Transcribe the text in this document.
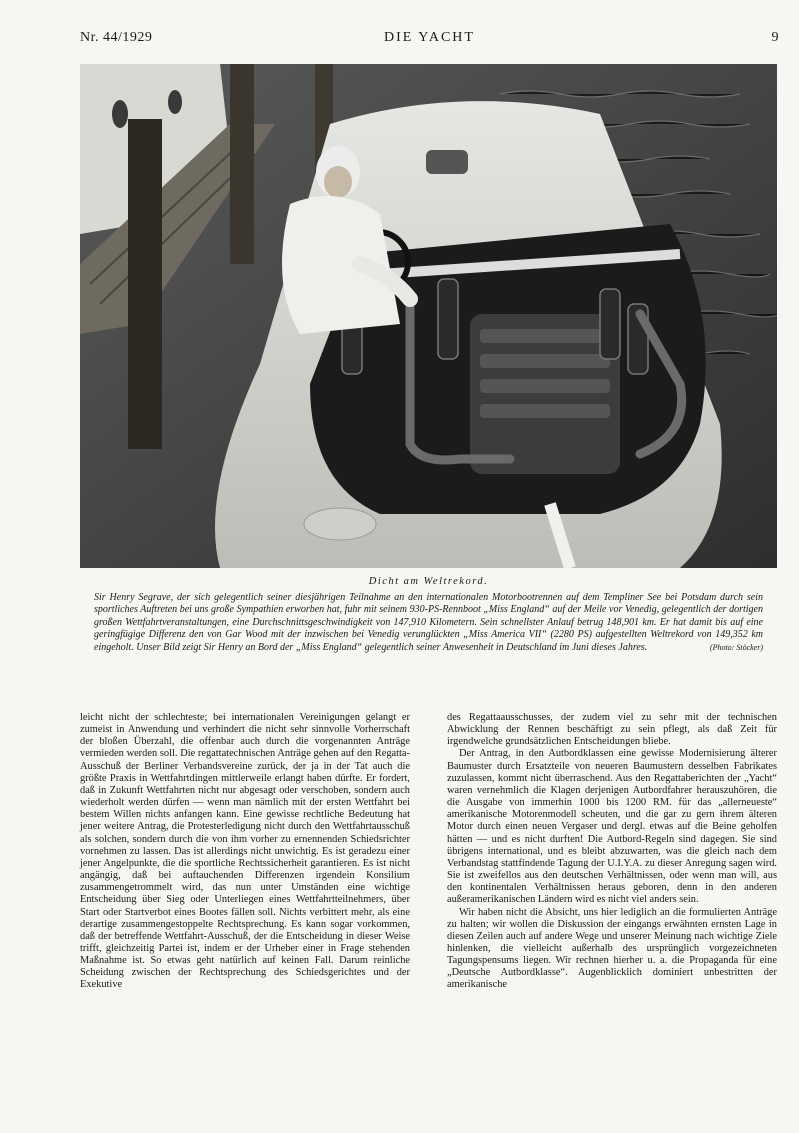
Nr. 44/1929	DIE YACHT	9
Dicht am Weltrekord.
Sir Henry Segrave, der sich gelegentlich seiner diesjährigen Teilnahme an den internationalen Motorbootrennen auf dem Templiner See bei Potsdam durch sein sportliches Auftreten bei uns große Sympathien erworben hat, fuhr mit seinem 930-PS-Rennboot „Miss England“ auf der Meile vor Venedig, gelegentlich der dortigen großen Wettfahrtveranstaltungen, eine Durchschnittsgeschwindigkeit von 147,910 Kilometern. Sein schnellster Anlauf betrug 148,901 km. Er hat damit bis auf eine geringfügige Differenz den von Gar Wood mit der inzwischen bei Venedig verunglückten „Miss America VII“ (2280 PS) aufgestellten Weltrekord von 149,352 km eingeholt. Unser Bild zeigt Sir Henry an Bord der „Miss England“ gelegentlich seiner Anwesenheit in Deutschland im Juni dieses Jahres.	(Photo: Stöcker)

leicht nicht der schlechteste; bei internationalen Vereinigungen gelangt er zumeist in Anwendung und verhindert die nicht sehr sinnvolle Vorherrschaft der bloßen Überzahl, die offenbar auch durch die vorgenannten Anträge vermieden werden soll. Die regattatechnischen Anträge gehen auf den Regatta-Ausschuß der Berliner Verbandsvereine zurück, der ja in der Tat auch die größte Praxis in Wettfahrtdingen mittlerweile erlangt haben dürfte. Er fordert, daß in Zukunft Wettfahrten nicht nur abgesagt oder verschoben, sondern auch wiederholt werden dürfen — wenn man nämlich mit der ersten Wettfahrt bei bestem Willen nichts anfangen kann. Eine gewisse rechtliche Bedeutung hat jener weitere Antrag, die Protesterledigung nicht durch den Wettfahrtausschuß als solchen, sondern durch die von ihm vorher zu ernennenden Schiedsrichter vornehmen zu lassen. Das ist allerdings nicht unwichtig. Es ist geradezu einer jener Angelpunkte, die die sportliche Rechtssicherheit garantieren. Es ist nicht angängig, daß bei auftauchenden Differenzen irgendein Konsilium zusammengetrommelt wird, das nun unter Umständen eine wichtige Entscheidung über Sieg oder Unterliegen eines Wettfahrtteilnehmers, über Start oder Startverbot eines Bootes fällen soll. Nichts verbittert mehr, als eine derartige zusammengestoppelte Rechtsprechung. Es kann sogar vorkommen, daß der betreffende Wettfahrt-Ausschuß, der die Entscheidung in dieser Weise trifft, gleichzeitig Partei ist, indem er der Urheber einer in Frage stehenden Maßnahme ist. So etwas geht natürlich auf keinen Fall. Darum reinliche Scheidung zwischen der Rechtsprechung des Schiedsgerichtes und der Exekutive

des Regattaausschusses, der zudem viel zu sehr mit der technischen Abwicklung der Rennen beschäftigt zu sein pflegt, als daß Zeit für irgendwelche grundsätzlichen Entscheidungen bliebe.

Der Antrag, in den Autbordklassen eine gewisse Modernisierung älterer Baumuster durch Ersatzteile von neueren Baumustern desselben Fabrikates zuzulassen, kommt nicht überraschend. Aus den Regattaberichten der „Yacht“ waren vernehmlich die Klagen derjenigen Autbordfahrer herauszuhören, die die Ausgabe von immerhin 1000 bis 1200 RM. für das „allerneueste“ amerikanische Motorenmodell scheuten, und die gar zu gern ihrem älteren Motor durch einen neuen Vergaser und dergl. etwas auf die Beine geholfen hätten — und es nicht durften! Die Autbord-Regeln sind dagegen. Sie sind übrigens international, und es bleibt abzuwarten, was die gleich nach dem Verbandstag stattfindende Tagung der U.I.Y.A. zu dieser Anregung sagen wird. Sie ist zweifellos aus den deutschen Verhältnissen, oder wenn man will, aus den kontinentalen Verhältnissen heraus geboren, denn in den anderen außeramerikanischen Ländern wird es nicht viel anders sein.

Wir haben nicht die Absicht, uns hier lediglich an die formulierten Anträge zu halten; wir wollen die Diskussion der eingangs erwähnten ernsten Lage in diesen Zeilen auch auf andere Wege und unserer Meinung nach wichtige Ziele hinlenken, die vielleicht außerhalb des ursprünglich vorgezeichneten Tagungspensums liegen. Wir rechnen hierher u. a. die Propaganda für eine „Deutsche Autbordklasse“. Augenblicklich dominiert unbestritten der amerikanische
